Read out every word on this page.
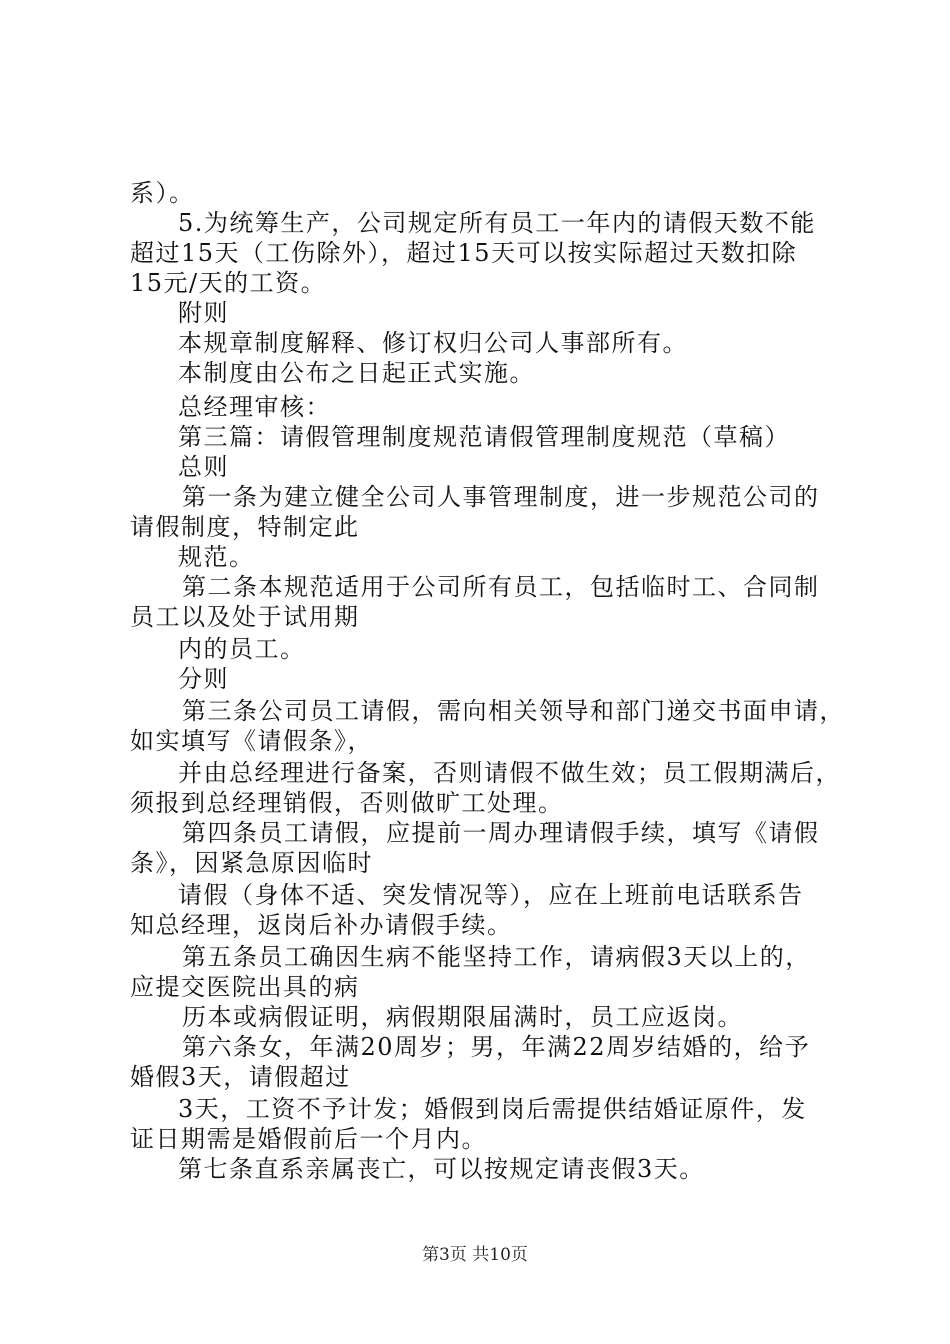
系）。
5.为统筹生产，公司规定所有员工一年内的请假天数不能
超过15天（工伤除外），超过15天可以按实际超过天数扣除
15元/天的工资。
附则
本规章制度解释、修订权归公司人事部所有。
本制度由公布之日起正式实施。
总经理审核：
第三篇：请假管理制度规范请假管理制度规范（草稿）
总则
第一条为建立健全公司人事管理制度，进一步规范公司的
请假制度，特制定此
规范。
第二条本规范适用于公司所有员工，包括临时工、合同制
员工以及处于试用期
内的员工。
分则
第三条公司员工请假，需向相关领导和部门递交书面申请，
如实填写《请假条》，
并由总经理进行备案，否则请假不做生效；员工假期满后，
须报到总经理销假，否则做旷工处理。
第四条员工请假，应提前一周办理请假手续，填写《请假
条》，因紧急原因临时
请假（身体不适、突发情况等），应在上班前电话联系告
知总经理，返岗后补办请假手续。
第五条员工确因生病不能坚持工作，请病假3天以上的，
应提交医院出具的病
历本或病假证明，病假期限届满时，员工应返岗。
第六条女，年满20周岁；男，年满22周岁结婚的，给予
婚假3天，请假超过
3天，工资不予计发；婚假到岗后需提供结婚证原件，发
证日期需是婚假前后一个月内。
第七条直系亲属丧亡，可以按规定请丧假3天。
第3页 共10页
